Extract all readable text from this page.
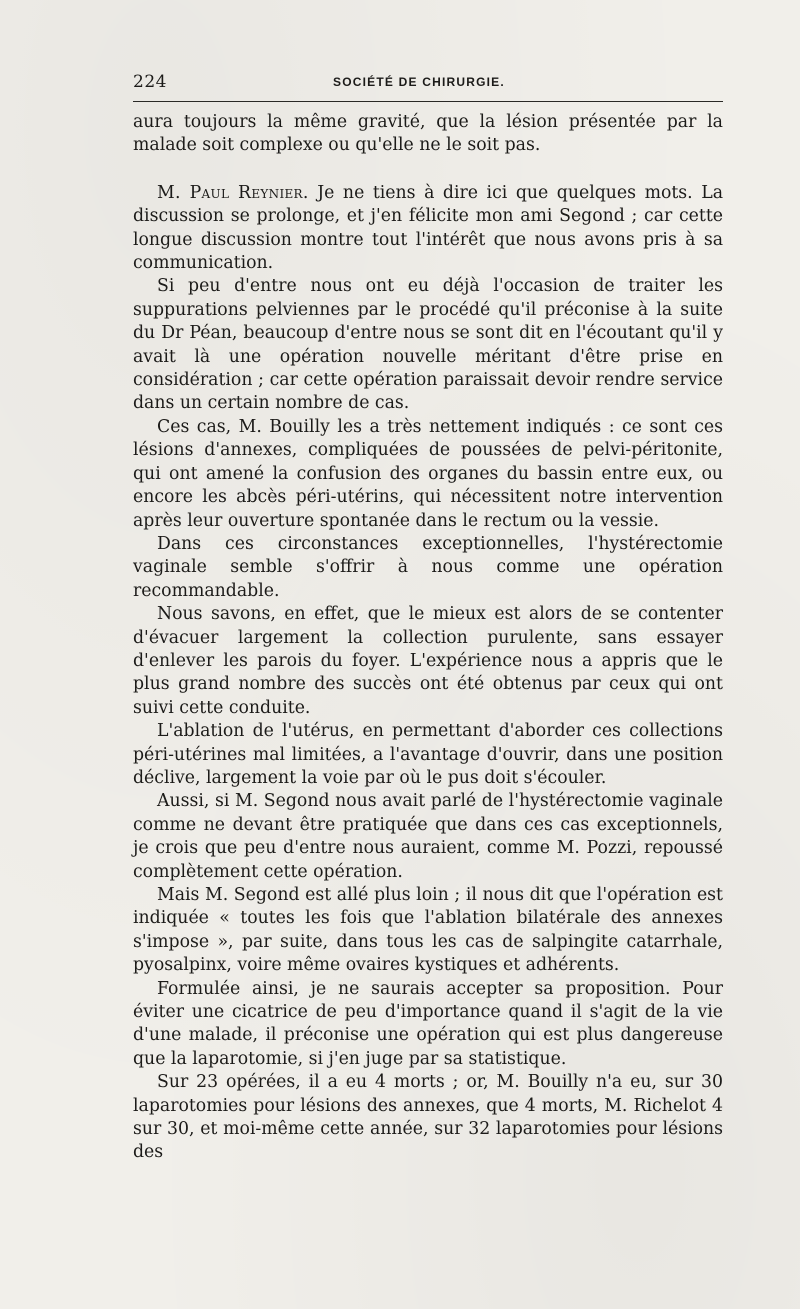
224	SOCIÉTÉ DE CHIRURGIE.

aura toujours la même gravité, que la lésion présentée par la malade soit complexe ou qu'elle ne le soit pas.

M. Paul Reynier. Je ne tiens à dire ici que quelques mots. La discussion se prolonge, et j'en félicite mon ami Segond ; car cette longue discussion montre tout l'intérêt que nous avons pris à sa communication.

Si peu d'entre nous ont eu déjà l'occasion de traiter les suppurations pelviennes par le procédé qu'il préconise à la suite du Dr Péan, beaucoup d'entre nous se sont dit en l'écoutant qu'il y avait là une opération nouvelle méritant d'être prise en considération ; car cette opération paraissait devoir rendre service dans un certain nombre de cas.

Ces cas, M. Bouilly les a très nettement indiqués : ce sont ces lésions d'annexes, compliquées de poussées de pelvi-péritonite, qui ont amené la confusion des organes du bassin entre eux, ou encore les abcès péri-utérins, qui nécessitent notre intervention après leur ouverture spontanée dans le rectum ou la vessie.

Dans ces circonstances exceptionnelles, l'hystérectomie vaginale semble s'offrir à nous comme une opération recommandable.

Nous savons, en effet, que le mieux est alors de se contenter d'évacuer largement la collection purulente, sans essayer d'enlever les parois du foyer. L'expérience nous a appris que le plus grand nombre des succès ont été obtenus par ceux qui ont suivi cette conduite.

L'ablation de l'utérus, en permettant d'aborder ces collections péri-utérines mal limitées, a l'avantage d'ouvrir, dans une position déclive, largement la voie par où le pus doit s'écouler.

Aussi, si M. Segond nous avait parlé de l'hystérectomie vaginale comme ne devant être pratiquée que dans ces cas exceptionnels, je crois que peu d'entre nous auraient, comme M. Pozzi, repoussé complètement cette opération.

Mais M. Segond est allé plus loin ; il nous dit que l'opération est indiquée « toutes les fois que l'ablation bilatérale des annexes s'impose », par suite, dans tous les cas de salpingite catarrhale, pyosalpinx, voire même ovaires kystiques et adhérents.

Formulée ainsi, je ne saurais accepter sa proposition. Pour éviter une cicatrice de peu d'importance quand il s'agit de la vie d'une malade, il préconise une opération qui est plus dangereuse que la laparotomie, si j'en juge par sa statistique.

Sur 23 opérées, il a eu 4 morts ; or, M. Bouilly n'a eu, sur 30 laparotomies pour lésions des annexes, que 4 morts, M. Richelot 4 sur 30, et moi-même cette année, sur 32 laparotomies pour lésions des
